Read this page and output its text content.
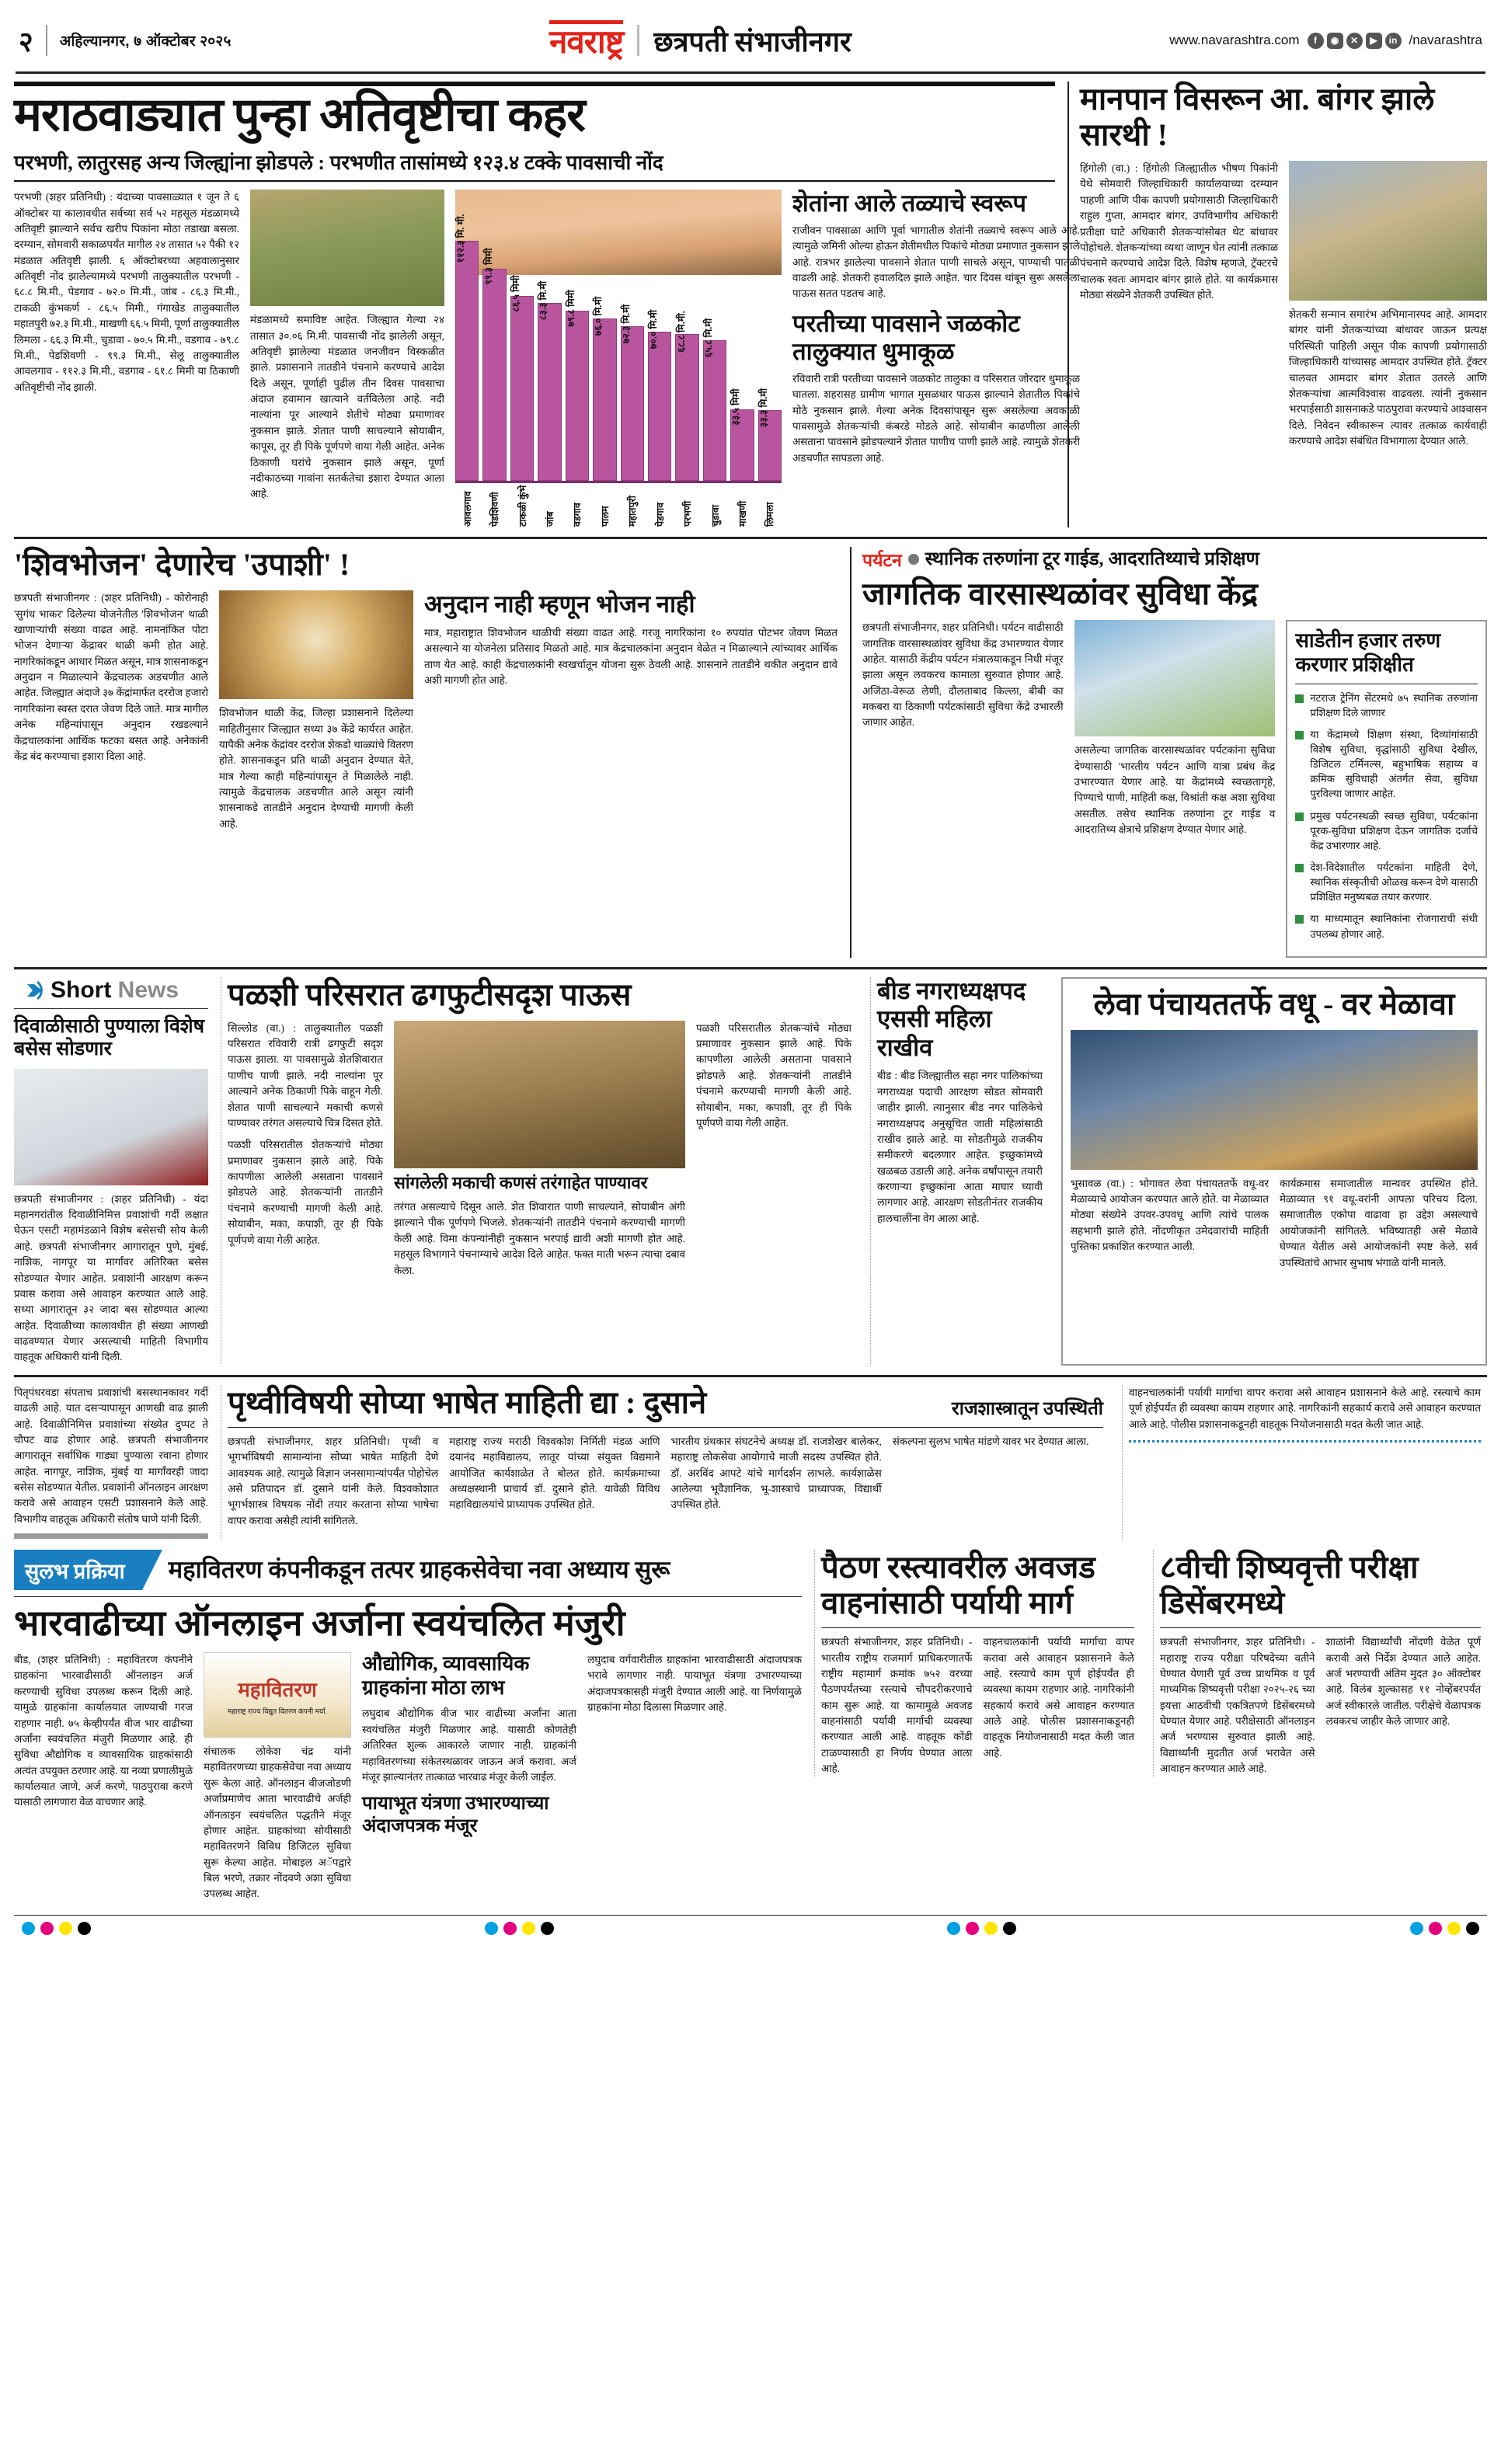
२	अहिल्यानगर, ७ ऑक्टोबर २०२५	नवराष्ट्र छत्रपती संभाजीनगर	www.navarashtra.com	f	◉	✕	▶	in /navarashtra
मराठवाड्यात पुन्हा अतिवृष्टीचा कहर
परभणी, लातुरसह अन्य जिल्ह्यांना झोडपले : परभणीत तासांमध्ये १२३.४ टक्के पावसाची नोंद
परभणी (शहर प्रतिनिधी) : यंदाच्या पावसाळ्यात १ जून ते ६ ऑक्टोबर या कालावधीत सर्वच्या सर्व ५२ महसूल मंडळामध्ये अतिवृष्टी झाल्याने सर्वच खरीप पिकांना मोठा तडाखा बसला. दरम्यान, सोमवारी सकाळपर्यंत मागील २४ तासात ५२ पैकी १२ मंडळात अतिवृष्टी झाली. ६ ऑक्टोबरच्या अहवालानुसार अतिवृष्टी नोंद झालेल्यामध्ये परभणी तालुक्यातील परभणी - ६८.८ मि.मी., पेडगाव - ७२.० मि.मी., जांब - ८६.३ मि.मी., टाकळी कुंभकर्ण - ८६.५ मिमी., गंगाखेड तालुक्यातील महातपुरी ७२.३ मि.मी., माखणी ६६.५ मिमी, पूर्णा तालुक्यातील लिमला - ६६.३ मि.मी., चुडावा - ७०.५ मि.मी., वडगाव - ७९.८ मि.मी., पेडशिवणी - ९९.३ मि.मी., सेलू तालुक्यातील आवलगाव - ११२.३ मि.मी., वडगाव - ६१.८ मिमी या ठिकाणी अतिवृष्टीची नोंद झाली.
मंडळामध्ये समाविष्ट आहेत. जिल्ह्यात गेल्या २४ तासात ३०.०६ मि.मी. पावसाची नोंद झालेली असून, अतिवृष्टी झालेल्या मंडळात जनजीवन विस्कळीत झाले. प्रशासनाने तातडीने पंचनामे करण्याचे आदेश दिले असून, पूर्णाही पुढील तीन दिवस पावसाचा अंदाज हवामान खात्याने वर्तविलेला आहे. नदी नाल्यांना पूर आल्याने शेतीचे मोठ्या प्रमाणावर नुकसान झाले. शेतात पाणी साचल्याने सोयाबीन, कापूस, तूर ही पिके पूर्णपणे वाया गेली आहेत. अनेक ठिकाणी घरांचे नुकसान झाले असून, पूर्णा नदीकाठच्या गावांना सतर्कतेचा इशारा देण्यात आला आहे.
११२.३ मि. मी.
९९.३ मिमी
८६.५ मिमी ८३.३ मि.मी ७९.८ मिमी ७६.० मि.मी ७२.३ मि.मी ७०.० मि.मी ६८.८ मि.मी. ६५.८ मि.मी
३३.५ मिमी ३३.३ मि.मी
आवलगाव पेडशिवणी टाकळी कुंभे जांब वडगाव पालम महातपुरी पेडगाव परभणी चुडावा माखणी लिमला
शेतांना आले तळ्याचे स्वरूप
राजीवन पावसाळा आणि पूर्वा भागातील शेतांनी तळ्याचे स्वरूप आले आहे. त्यामुळे जमिनी ओल्या होऊन शेतीमधील पिकांचे मोठ्या प्रमाणात नुकसान झाले आहे. रात्रभर झालेल्या पावसाने शेतात पाणी साचले असून, पाण्याची पातळी वाढली आहे. शेतकरी हवालदिल झाले आहेत. चार दिवस थांबून सुरू असलेला पाऊस सतत पडतच आहे.
परतीच्या पावसाने जळकोट तालुक्यात धुमाकूळ
रविवारी रात्री परतीच्या पावसाने जळकोट तालुका व परिसरात जोरदार धुमाकूळ घातला. शहरासह ग्रामीण भागात मुसळधार पाऊस झाल्याने शेतातील पिकांचे मोठे नुकसान झाले. गेल्या अनेक दिवसांपासून सुरू असलेल्या अवकाळी पावसामुळे शेतकऱ्यांची कंबरडे मोडले आहे. सोयाबीन काढणीला आलेली असताना पावसाने झोडपल्याने शेतात पाणीच पाणी झाले आहे. त्यामुळे शेतकरी अडचणीत सापडला आहे.
मानपान विसरून आ. बांगर झाले सारथी !
हिंगोली (वा.) : हिंगोली जिल्ह्यातील भीषण पिकांनी येथे सोमवारी जिल्हाधिकारी कार्यालयाच्या दरम्यान पाहणी आणि पीक कापणी प्रयोगासाठी जिल्हाधिकारी राहुल गुप्ता, आमदार बांगर, उपविभागीय अधिकारी प्रतीक्षा घाटे अधिकारी शेतकऱ्यांसोबत थेट बांधावर पोहोचले. शेतकऱ्यांच्या व्यथा जाणून घेत त्यांनी तत्काळ पंचनामे करण्याचे आदेश दिले. विशेष म्हणजे, ट्रॅक्टरचे चालक स्वतः आमदार बांगर झाले होते. या कार्यक्रमास मोठ्या संख्येने शेतकरी उपस्थित होते.
शेतकरी सन्मान समारंभ अभिमानास्पद आहे. आमदार बांगर यांनी शेतकऱ्यांच्या बांधावर जाऊन प्रत्यक्ष परिस्थिती पाहिली असून पीक कापणी प्रयोगासाठी जिल्हाधिकारी यांच्यासह आमदार उपस्थित होते. ट्रॅक्टर चालवत आमदार बांगर शेतात उतरले आणि शेतकऱ्यांचा आत्मविश्वास वाढवला. त्यांनी नुकसान भरपाईसाठी शासनाकडे पाठपुरावा करण्याचे आश्वासन दिले. निवेदन स्वीकारून त्यावर तत्काळ कार्यवाही करण्याचे आदेश संबंधित विभागाला देण्यात आले.
'शिवभोजन' देणारेच 'उपाशी' !
छत्रपती संभाजीनगर : (शहर प्रतिनिधी) - कोरोनाही 'सुगंध भाकर' दिलेल्या योजनेतील 'शिवभोजन' थाळी खाणाऱ्यांची संख्या वाढत आहे. नामनांकित पोटा भोजन देणाऱ्या केंद्रावर थाळी कमी होत आहे. नागरिकांकडून आधार मिळत असून, मात्र शासनाकडून अनुदान न मिळाल्याने केंद्रचालक अडचणीत आले आहेत. जिल्ह्यात अंदाजे ३७ केंद्रांमार्फत दररोज हजारो नागरिकांना स्वस्त दरात जेवण दिले जाते. मात्र मागील अनेक महिन्यांपासून अनुदान रखडल्याने केंद्रचालकांना आर्थिक फटका बसत आहे. अनेकांनी केंद्र बंद करण्याचा इशारा दिला आहे.
शिवभोजन थाळी केंद्र, जिल्हा प्रशासनाने दिलेल्या माहितीनुसार जिल्ह्यात सध्या ३७ केंद्रे कार्यरत आहेत. यापैकी अनेक केंद्रांवर दररोज शेकडो थाळ्यांचे वितरण होते. शासनाकडून प्रति थाळी अनुदान देण्यात येते, मात्र गेल्या काही महिन्यांपासून ते मिळालेले नाही. त्यामुळे केंद्रचालक अडचणीत आले असून त्यांनी शासनाकडे तातडीने अनुदान देण्याची मागणी केली आहे.
अनुदान नाही म्हणून भोजन नाही
मात्र, महाराष्ट्रात शिवभोजन थाळीची संख्या वाढत आहे. गरजू नागरिकांना १० रुपयांत पोटभर जेवण मिळत असल्याने या योजनेला प्रतिसाद मिळतो आहे. मात्र केंद्रचालकांना अनुदान वेळेत न मिळाल्याने त्यांच्यावर आर्थिक ताण येत आहे. काही केंद्रचालकांनी स्वखर्चातून योजना सुरू ठेवली आहे. शासनाने तातडीने थकीत अनुदान द्यावे अशी मागणी होत आहे.
पर्यटन स्थानिक तरुणांना टूर गाईड, आदरातिथ्याचे प्रशिक्षण
जागतिक वारसास्थळांवर सुविधा केंद्र
छत्रपती संभाजीनगर, शहर प्रतिनिधी। पर्यटन वाढीसाठी जागतिक वारसास्थळांवर सुविधा केंद्र उभारण्यात येणार आहेत. यासाठी केंद्रीय पर्यटन मंत्रालयाकडून निधी मंजूर झाला असून लवकरच कामाला सुरुवात होणार आहे. अजिंठा-वेरूळ लेणी, दौलताबाद किल्ला, बीबी का मकबरा या ठिकाणी पर्यटकांसाठी सुविधा केंद्रे उभारली जाणार आहेत.
असलेल्या जागतिक वारसास्थळांवर पर्यटकांना सुविधा देण्यासाठी 'भारतीय पर्यटन आणि यात्रा प्रबंध केंद्र उभारण्यात येणार आहे. या केंद्रांमध्ये स्वच्छतागृहे, पिण्याचे पाणी, माहिती कक्ष, विश्रांती कक्ष अशा सुविधा असतील. तसेच स्थानिक तरुणांना टूर गाईड व आदरातिथ्य क्षेत्राचे प्रशिक्षण देण्यात येणार आहे.
साडेतीन हजार तरुण करणार प्रशिक्षीत
नटराज ट्रेनिंग सेंटरमधे ७५ स्थानिक तरुणांना प्रशिक्षण दिले जाणार
या केंद्रामध्ये शिक्षण संस्था, दिव्यांगांसाठी विशेष सुविधा, वृद्धांसाठी सुविधा देखील, डिजिटल टर्मिनल्स, बहुभाषिक सहाय्य व क्रमिक सुविधाही अंतर्गत सेवा, सुविधा पुरविल्या जाणार आहेत.
प्रमुख पर्यटनस्थळी स्वच्छ सुविधा, पर्यटकांना पूरक-सुविधा प्रशिक्षण देऊन जागतिक दर्जाचे केंद्र उभारणार आहे.
देश-विदेशातील पर्यटकांना माहिती देणे, स्थानिक संस्कृतीची ओळख करून देणे यासाठी प्रशिक्षित मनुष्यबळ तयार करणार.
या माध्यमातून स्थानिकांना रोजगाराची संधी उपलब्ध होणार आहे.
Short News
दिवाळीसाठी पुण्याला विशेष बसेस सोडणार
छत्रपती संभाजीनगर : (शहर प्रतिनिधी) - यंदा महानगरांतील दिवाळीनिमित्त प्रवाशांची गर्दी लक्षात घेऊन एसटी महामंडळाने विशेष बसेसची सोय केली आहे. छत्रपती संभाजीनगर आगारातून पुणे, मुंबई, नाशिक, नागपूर या मार्गांवर अतिरिक्त बसेस सोडण्यात येणार आहेत. प्रवाशांनी आरक्षण करून प्रवास करावा असे आवाहन करण्यात आले आहे. सध्या आगारातून ३२ जादा बस सोडण्यात आल्या आहेत. दिवाळीच्या कालावधीत ही संख्या आणखी वाढवण्यात येणार असल्याची माहिती विभागीय वाहतूक अधिकारी यांनी दिली.
पळशी परिसरात ढगफुटीसदृश पाऊस
सिल्लोड (वा.) : तालुक्यातील पळशी परिसरात रविवारी रात्री ढगफुटी सदृश पाऊस झाला. या पावसामुळे शेतशिवारात पाणीच पाणी झाले. नदी नाल्यांना पूर आल्याने अनेक ठिकाणी पिके वाहून गेली. शेतात पाणी साचल्याने मकाची कणसे पाण्यावर तरंगत असल्याचे चित्र दिसत होते.
पळशी परिसरातील शेतकऱ्यांचे मोठ्या प्रमाणावर नुकसान झाले आहे. पिके कापणीला आलेली असताना पावसाने झोडपले आहे. शेतकऱ्यांनी तातडीने पंचनामे करण्याची मागणी केली आहे. सोयाबीन, मका, कपाशी, तूर ही पिके पूर्णपणे वाया गेली आहेत.
सांगलेली मकाची कणसं तरंगाहेत पाण्यावर
तरंगत असल्याचे दिसून आले. शेत शिवारात पाणी साचल्याने, सोयाबीन अंगी झाल्याने पीक पूर्णपणे भिजले. शेतकऱ्यांनी तातडीने पंचनामे करण्याची मागणी केली आहे. विमा कंपन्यांनीही नुकसान भरपाई द्यावी अशी मागणी होत आहे. महसूल विभागाने पंचनाम्याचे आदेश दिले आहेत. फक्त माती भरून त्याचा दबाव केला.
पळशी परिसरातील शेतकऱ्यांचे मोठ्या प्रमाणावर नुकसान झाले आहे. पिके कापणीला आलेली असताना पावसाने झोडपले आहे. शेतकऱ्यांनी तातडीने पंचनामे करण्याची मागणी केली आहे. सोयाबीन, मका, कपाशी, तूर ही पिके पूर्णपणे वाया गेली आहेत.
बीड नगराध्यक्षपद एससी महिला राखीव
बीड : बीड जिल्ह्यातील सहा नगर पालिकांच्या नगराध्यक्ष पदाची आरक्षण सोडत सोमवारी जाहीर झाली. त्यानुसार बीड नगर पालिकेचे नगराध्यक्षपद अनुसूचित जाती महिलांसाठी राखीव झाले आहे. या सोडतीमुळे राजकीय समीकरणे बदलणार आहेत. इच्छुकांमध्ये खळबळ उडाली आहे. अनेक वर्षांपासून तयारी करणाऱ्या इच्छुकांना आता माघार घ्यावी लागणार आहे. आरक्षण सोडतीनंतर राजकीय हालचालींना वेग आला आहे.
लेवा पंचायततर्फे वधू - वर मेळावा
भुसावळ (वा.) : भोगावत लेवा पंचायततर्फे वधू-वर मेळाव्याचे आयोजन करण्यात आले होते. या मेळाव्यात मोठ्या संख्येने उपवर-उपवधू आणि त्यांचे पालक सहभागी झाले होते. नोंदणीकृत उमेदवारांची माहिती पुस्तिका प्रकाशित करण्यात आली.
कार्यक्रमास समाजातील मान्यवर उपस्थित होते. मेळाव्यात ९१ वधू-वरांनी आपला परिचय दिला. समाजातील एकोपा वाढावा हा उद्देश असल्याचे आयोजकांनी सांगितले. भविष्यातही असे मेळावे घेण्यात येतील असे आयोजकांनी स्पष्ट केले. सर्व उपस्थितांचे आभार सुभाष भंगाळे यांनी मानले.
पितृपंधरवडा संपताच प्रवाशांची बसस्थानकावर गर्दी वाढली आहे. यात दसऱ्यापासून आणखी वाढ झाली आहे. दिवाळीनिमित्त प्रवाशांच्या संख्येत दुप्पट ते चौपट वाढ होणार आहे. छत्रपती संभाजीनगर आगारातून सर्वाधिक गाड्या पुण्याला रवाना होणार आहेत. नागपूर, नाशिक, मुंबई या मार्गांवरही जादा बसेस सोडण्यात येतील. प्रवाशांनी ऑनलाइन आरक्षण करावे असे आवाहन एसटी प्रशासनाने केले आहे. विभागीय वाहतूक अधिकारी संतोष घाणे यांनी दिली.
पृथ्वीविषयी सोप्या भाषेत माहिती द्या : दुसाने	राजशास्त्रातून उपस्थिती
छत्रपती संभाजीनगर, शहर प्रतिनिधी। पृथ्वी व भूगर्भाविषयी सामान्यांना सोप्या भाषेत माहिती देणे आवश्यक आहे. त्यामुळे विज्ञान जनसामान्यांपर्यंत पोहोचेल असे प्रतिपादन डॉ. दुसाने यांनी केले. विश्वकोशात भूगर्भशास्त्र विषयक नोंदी तयार करताना सोप्या भाषेचा वापर करावा असेही त्यांनी सांगितले.
महाराष्ट्र राज्य मराठी विश्वकोश निर्मिती मंडळ आणि दयानंद महाविद्यालय, लातूर यांच्या संयुक्त विद्यमाने आयोजित कार्यशाळेत ते बोलत होते. कार्यक्रमाच्या अध्यक्षस्थानी प्राचार्य डॉ. दुसाने होते. यावेळी विविध महाविद्यालयांचे प्राध्यापक उपस्थित होते.
भारतीय ग्रंथकार संघटनेचे अध्यक्ष डॉ. राजशेखर बालेकर, महाराष्ट्र लोकसेवा आयोगाचे माजी सदस्य उपस्थित होते. डॉ. अरविंद आपटे यांचे मार्गदर्शन लाभले. कार्यशाळेस आलेल्या भूवैज्ञानिक, भू-शास्त्राचे प्राध्यापक, विद्यार्थी उपस्थित होते.
संकल्पना सुलभ भाषेत मांडणे यावर भर देण्यात आला.
वाहनचालकांनी पर्यायी मार्गाचा वापर करावा असे आवाहन प्रशासनाने केले आहे. रस्त्याचे काम पूर्ण होईपर्यंत ही व्यवस्था कायम राहणार आहे. नागरिकांनी सहकार्य करावे असे आवाहन करण्यात आले आहे. पोलीस प्रशासनाकडूनही वाहतूक नियोजनासाठी मदत केली जात आहे.
सुलभ प्रक्रिया	महावितरण कंपनीकडून तत्पर ग्राहकसेवेचा नवा अध्याय सुरू
भारवाढीच्या ऑनलाइन अर्जाना स्वयंचलित मंजुरी
बीड, (शहर प्रतिनिधी) : महावितरण कंपनीने ग्राहकांना भारवाढीसाठी ऑनलाइन अर्ज करण्याची सुविधा उपलब्ध करून दिली आहे. यामुळे ग्राहकांना कार्यालयात जाण्याची गरज राहणार नाही. ७५ केव्हीपर्यंत वीज भार वाढीच्या अर्जांना स्वयंचलित मंजुरी मिळणार आहे. ही सुविधा औद्योगिक व व्यावसायिक ग्राहकांसाठी अत्यंत उपयुक्त ठरणार आहे. या नव्या प्रणालीमुळे कार्यालयात जाणे, अर्ज करणे, पाठपुरावा करणे यासाठी लागणारा वेळ वाचणार आहे.
महावितरण
महाराष्ट्र राज्य विद्युत वितरण कंपनी मर्या.
संचालक लोकेश चंद्र यांनी महावितरणच्या ग्राहकसेवेचा नवा अध्याय सुरू केला आहे. ऑनलाइन वीजजोडणी अर्जाप्रमाणेच आता भारवाढीचे अर्जही ऑनलाइन स्वयंचलित पद्धतीने मंजूर होणार आहेत. ग्राहकांच्या सोयीसाठी महावितरणने विविध डिजिटल सुविधा सुरू केल्या आहेत. मोबाइल अॅपद्वारे बिल भरणे, तक्रार नोंदवणे अशा सुविधा उपलब्ध आहेत.
औद्योगिक, व्यावसायिक ग्राहकांना मोठा लाभ
लघुदाब औद्योगिक वीज भार वाढीच्या अर्जांना आता स्वयंचलित मंजुरी मिळणार आहे. यासाठी कोणतेही अतिरिक्त शुल्क आकारले जाणार नाही. ग्राहकांनी महावितरणच्या संकेतस्थळावर जाऊन अर्ज करावा. अर्ज मंजूर झाल्यानंतर तात्काळ भारवाढ मंजूर केली जाईल.
पायाभूत यंत्रणा उभारण्याच्या अंदाजपत्रक मंजूर
लघुदाब वर्गवारीतील ग्राहकांना भारवाढीसाठी अंदाजपत्रक भरावे लागणार नाही. पायाभूत यंत्रणा उभारण्याच्या अंदाजपत्रकासही मंजुरी देण्यात आली आहे. या निर्णयामुळे ग्राहकांना मोठा दिलासा मिळणार आहे.
पैठण रस्त्यावरील अवजड वाहनांसाठी पर्यायी मार्ग
छत्रपती संभाजीनगर, शहर प्रतिनिधी। - भारतीय राष्ट्रीय राजमार्ग प्राधिकरणातर्फे राष्ट्रीय महामार्ग क्रमांक ७५२ वरच्या पैठणपर्यंतच्या रस्त्याचे चौपदरीकरणाचे काम सुरू आहे. या कामामुळे अवजड वाहनांसाठी पर्यायी मार्गाची व्यवस्था करण्यात आली आहे. वाहतूक कोंडी टाळण्यासाठी हा निर्णय घेण्यात आला आहे.
वाहनचालकांनी पर्यायी मार्गाचा वापर करावा असे आवाहन प्रशासनाने केले आहे. रस्त्याचे काम पूर्ण होईपर्यंत ही व्यवस्था कायम राहणार आहे. नागरिकांनी सहकार्य करावे असे आवाहन करण्यात आले आहे. पोलीस प्रशासनाकडूनही वाहतूक नियोजनासाठी मदत केली जात आहे.
८वीची शिष्यवृत्ती परीक्षा डिसेंबरमध्ये
छत्रपती संभाजीनगर, शहर प्रतिनिधी। - महाराष्ट्र राज्य परीक्षा परिषदेच्या वतीने घेण्यात येणारी पूर्व उच्च प्राथमिक व पूर्व माध्यमिक शिष्यवृत्ती परीक्षा २०२५-२६ च्या इयत्ता आठवीची एकत्रितपणे डिसेंबरमध्ये घेण्यात येणार आहे. परीक्षेसाठी ऑनलाइन अर्ज भरण्यास सुरुवात झाली आहे. विद्यार्थ्यांनी मुदतीत अर्ज भरावेत असे आवाहन करण्यात आले आहे.
शाळांनी विद्यार्थ्यांची नोंदणी वेळेत पूर्ण करावी असे निर्देश देण्यात आले आहेत. अर्ज भरण्याची अंतिम मुदत ३० ऑक्टोबर आहे. विलंब शुल्कासह ११ नोव्हेंबरपर्यंत अर्ज स्वीकारले जातील. परीक्षेचे वेळापत्रक लवकरच जाहीर केले जाणार आहे.
